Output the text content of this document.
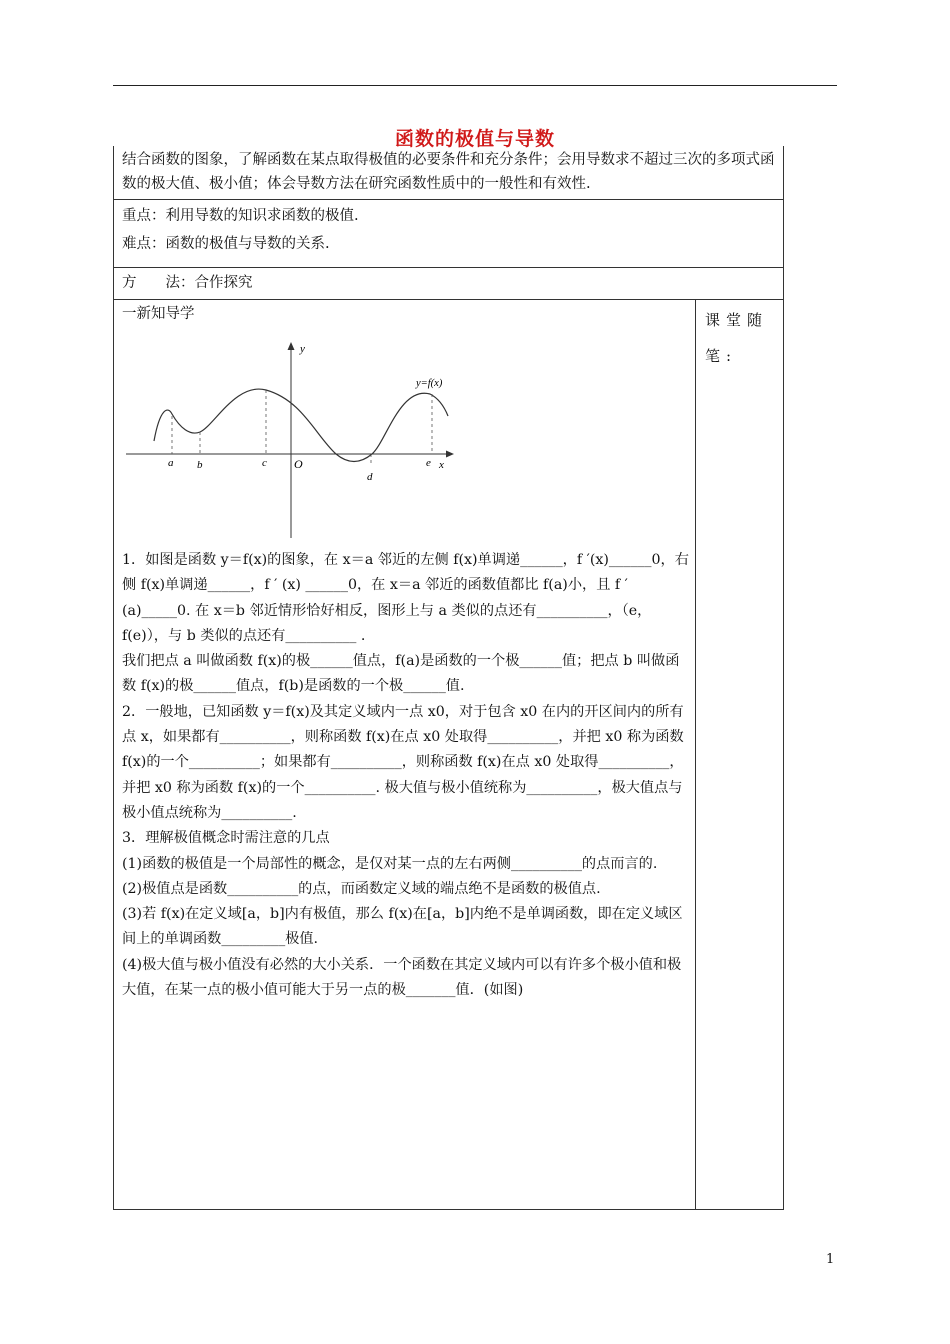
函数的极值与导数
结合函数的图象，了解函数在某点取得极值的必要条件和充分条件；会用导数求不超过三次的多项式函数的极大值、极小值；体会导数方法在研究函数性质中的一般性和有效性.

重点：利用导数的知识求函数的极值.

难点：函数的极值与导数的关系.

方　　法：合作探究
一新知导学
y
x
O
y=f(x)
a b	c
d
e

1．如图是函数 y＝f(x)的图象，在 x＝a 邻近的左侧 f(x)单调递______，f ′(x)______0，右侧 f(x)单调递______，f ′ (x) ______0，在 x＝a 邻近的函数值都比 f(a)小，且 f ′ (a)_____0. 在 x＝b 邻近情形恰好相反，图形上与 a 类似的点还有__________，（e，f(e)），与 b 类似的点还有__________ .

我们把点 a 叫做函数 f(x)的极______值点，f(a)是函数的一个极______值；把点 b 叫做函数 f(x)的极______值点，f(b)是函数的一个极______值.

2．一般地，已知函数 y＝f(x)及其定义域内一点 x0，对于包含 x0 在内的开区间内的所有点 x，如果都有__________，则称函数 f(x)在点 x0 处取得__________，并把 x0 称为函数 f(x)的一个__________；如果都有__________，则称函数 f(x)在点 x0 处取得__________，并把 x0 称为函数 f(x)的一个__________. 极大值与极小值统称为__________，极大值点与极小值点统称为__________.

3．理解极值概念时需注意的几点

(1)函数的极值是一个局部性的概念，是仅对某一点的左右两侧__________的点而言的.

(2)极值点是函数__________的点，而函数定义域的端点绝不是函数的极值点.

(3)若 f(x)在定义域[a，b]内有极值，那么 f(x)在[a，b]内绝不是单调函数，即在定义域区间上的单调函数_________极值.

(4)极大值与极小值没有必然的大小关系．一个函数在其定义域内可以有许多个极小值和极大值，在某一点的极小值可能大于另一点的极_______值．(如图)

课堂随笔:
1
